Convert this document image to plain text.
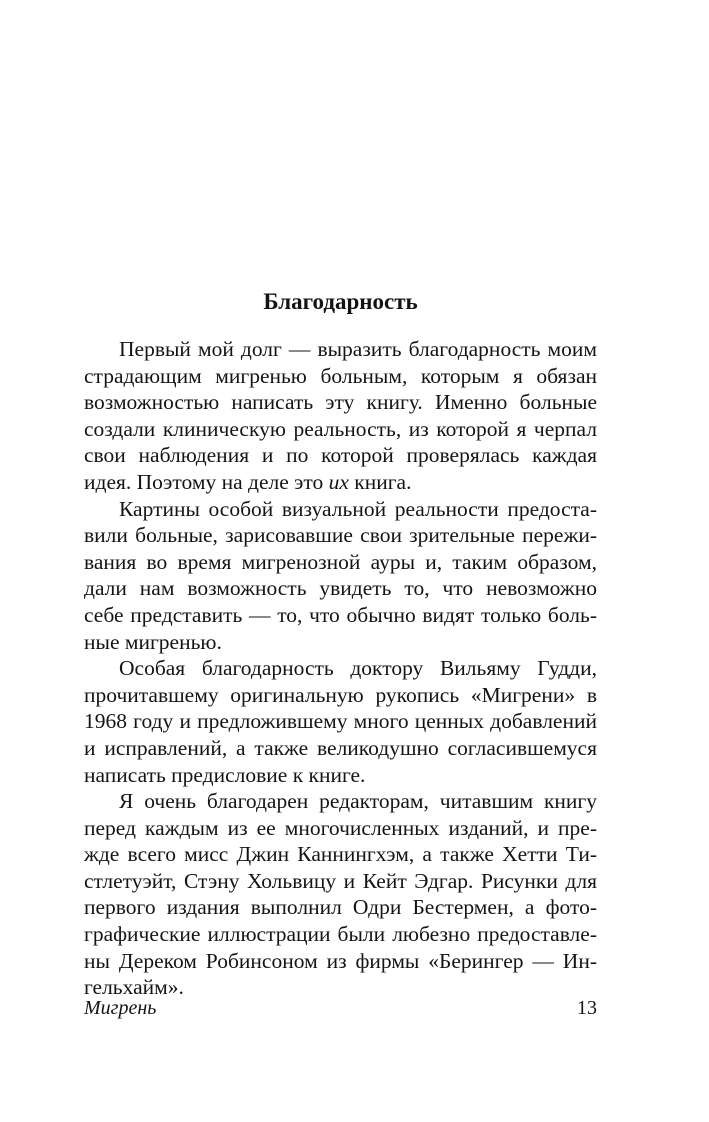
Благодарность
Первый мой долг — выразить благодарность моим
страдающим мигренью больным, которым я обязан
возможностью написать эту книгу. Именно больные
создали клиническую реальность, из которой я черпал
свои наблюдения и по которой проверялась каждая
идея. Поэтому на деле это их книга.
Картины особой визуальной реальности предоста-
вили больные, зарисовавшие свои зрительные пережи-
вания во время мигренозной ауры и, таким образом,
дали нам возможность увидеть то, что невозможно
себе представить — то, что обычно видят только боль-
ные мигренью.
Особая благодарность доктору Вильяму Гудди,
прочитавшему оригинальную рукопись «Мигрени» в
1968 году и предложившему много ценных добавлений
и исправлений, а также великодушно согласившемуся
написать предисловие к книге.
Я очень благодарен редакторам, читавшим книгу
перед каждым из ее многочисленных изданий, и пре-
жде всего мисс Джин Каннингхэм, а также Хетти Ти-
стлетуэйт, Стэну Хольвицу и Кейт Эдгар. Рисунки для
первого издания выполнил Одри Бестермен, а фото-
графические иллюстрации были любезно предоставле-
ны Дереком Робинсоном из фирмы «Берингер — Ин-
гельхайм».
Мигрень	13
